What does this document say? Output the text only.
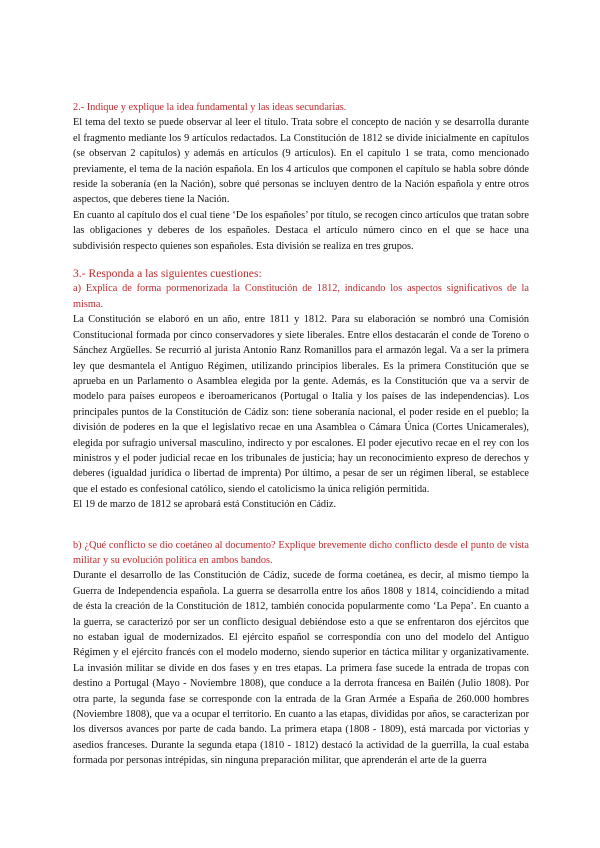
2.- Indique y explique la idea fundamental y las ideas secundarias.

El tema del texto se puede observar al leer el título. Trata sobre el concepto de nación y se desarrolla durante el fragmento mediante los 9 artículos redactados. La Constitución de 1812 se divide inicialmente en capítulos (se observan 2 capítulos) y además en artículos (9 artículos). En el capítulo 1 se trata, como mencionado previamente, el tema de la nación española. En los 4 artículos que componen el capítulo se habla sobre dónde reside la soberanía (en la Nación), sobre qué personas se incluyen dentro de la Nación española y entre otros aspectos, que deberes tiene la Nación.

En cuanto al capítulo dos el cual tiene ‘De los españoles’ por título, se recogen cinco artículos que tratan sobre las obligaciones y deberes de los españoles. Destaca el artículo número cinco en el que se hace una subdivisión respecto quienes son españoles. Esta división se realiza en tres grupos.

3.- Responda a las siguientes cuestiones:

a) Explica de forma pormenorizada la Constitución de 1812, indicando los aspectos significativos de la misma.

La Constitución se elaboró en un año, entre 1811 y 1812. Para su elaboración se nombró una Comisión Constitucional formada por cinco conservadores y siete liberales. Entre ellos destacarán el conde de Toreno o Sánchez Argüelles. Se recurrió al jurista Antonio Ranz Romanillos para el armazón legal. Va a ser la primera ley que desmantela el Antiguo Régimen, utilizando principios liberales. Es la primera Constitución que se aprueba en un Parlamento o Asamblea elegida por la gente. Además, es la Constitución que va a servir de modelo para países europeos e iberoamericanos (Portugal o Italia y los países de las independencias). Los principales puntos de la Constitución de Cádiz son: tiene soberanía nacional, el poder reside en el pueblo; la división de poderes en la que el legislativo recae en una Asamblea o Cámara Única (Cortes Unicamerales), elegida por sufragio universal masculino, indirecto y por escalones. El poder ejecutivo recae en el rey con los ministros y el poder judicial recae en los tribunales de justicia; hay un reconocimiento expreso de derechos y deberes (igualdad jurídica o libertad de imprenta) Por último, a pesar de ser un régimen liberal, se establece que el estado es confesional católico, siendo el catolicismo la única religión permitida.

El 19 de marzo de 1812 se aprobará está Constitución en Cádiz.

b) ¿Qué conflicto se dio coetáneo al documento? Explique brevemente dicho conflicto desde el punto de vista militar y su evolución política en ambos bandos.

Durante el desarrollo de las Constitución de Cádiz, sucede de forma coetánea, es decir, al mismo tiempo la Guerra de Independencia española. La guerra se desarrolla entre los años 1808 y 1814, coincidiendo a mitad de ésta la creación de la Constitución de 1812, también conocida popularmente como ‘La Pepa’. En cuanto a la guerra, se caracterizó por ser un conflicto desigual debiéndose esto a que se enfrentaron dos ejércitos que no estaban igual de modernizados. El ejército español se correspondía con uno del modelo del Antiguo Régimen y el ejército francés con el modelo moderno, siendo superior en táctica militar y organizativamente. La invasión militar se divide en dos fases y en tres etapas. La primera fase sucede la entrada de tropas con destino a Portugal (Mayo - Noviembre 1808), que conduce a la derrota francesa en Bailén (Julio 1808). Por otra parte, la segunda fase se corresponde con la entrada de la Gran Armée a España de 260.000 hombres (Noviembre 1808), que va a ocupar el territorio. En cuanto a las etapas, divididas por años, se caracterizan por los diversos avances por parte de cada bando. La primera etapa (1808 - 1809), está marcada por victorias y asedios franceses. Durante la segunda etapa (1810 - 1812) destacó la actividad de la guerrilla, la cual estaba formada por personas intrépidas, sin ninguna preparación militar, que aprenderán el arte de la guerra
